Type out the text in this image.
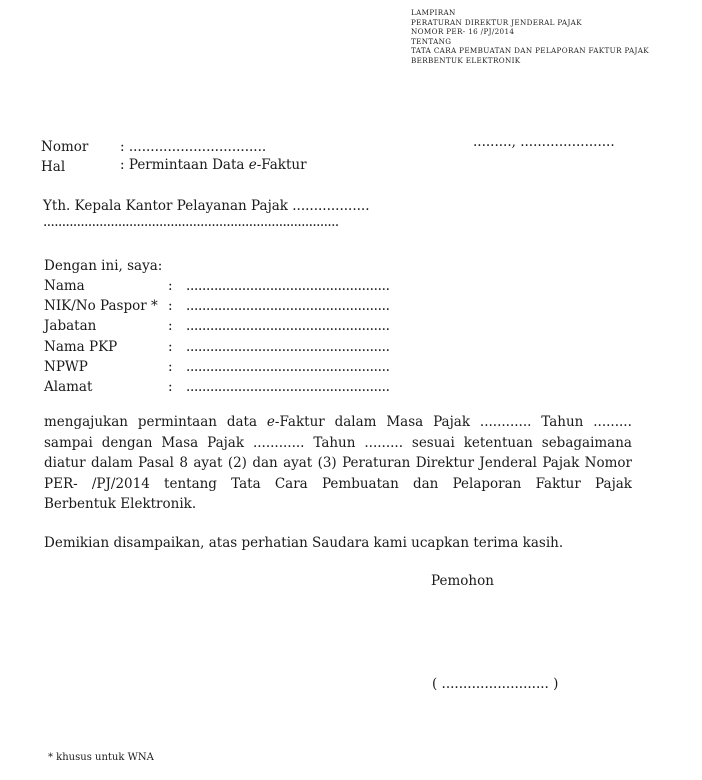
LAMPIRAN
PERATURAN DIREKTUR JENDERAL PAJAK
NOMOR PER- 16 /PJ/2014
TENTANG
TATA CARA PEMBUATAN DAN PELAPORAN FAKTUR PAJAK
BERBENTUK ELEKTRONIK
Nomor : ................................	........., ......................
Hal	: Permintaan Data e-Faktur
Yth. Kepala Kantor Pelayanan Pajak ..................
...............................................................................
Dengan ini, saya:
Nama	: ...................................................
NIK/No Paspor * : ...................................................
Jabatan	: ...................................................
Nama PKP	: ...................................................
NPWP	: ...................................................
Alamat	: ...................................................
mengajukan permintaan data e-Faktur dalam Masa Pajak ............ Tahun .........
sampai dengan Masa Pajak ............ Tahun ......... sesuai ketentuan sebagaimana
diatur dalam Pasal 8 ayat (2) dan ayat (3) Peraturan Direktur Jenderal Pajak Nomor
PER- /PJ/2014 tentang Tata Cara Pembuatan dan Pelaporan Faktur Pajak
Berbentuk Elektronik.
Demikian disampaikan, atas perhatian Saudara kami ucapkan terima kasih.
Pemohon
( ......................... )
* khusus untuk WNA
